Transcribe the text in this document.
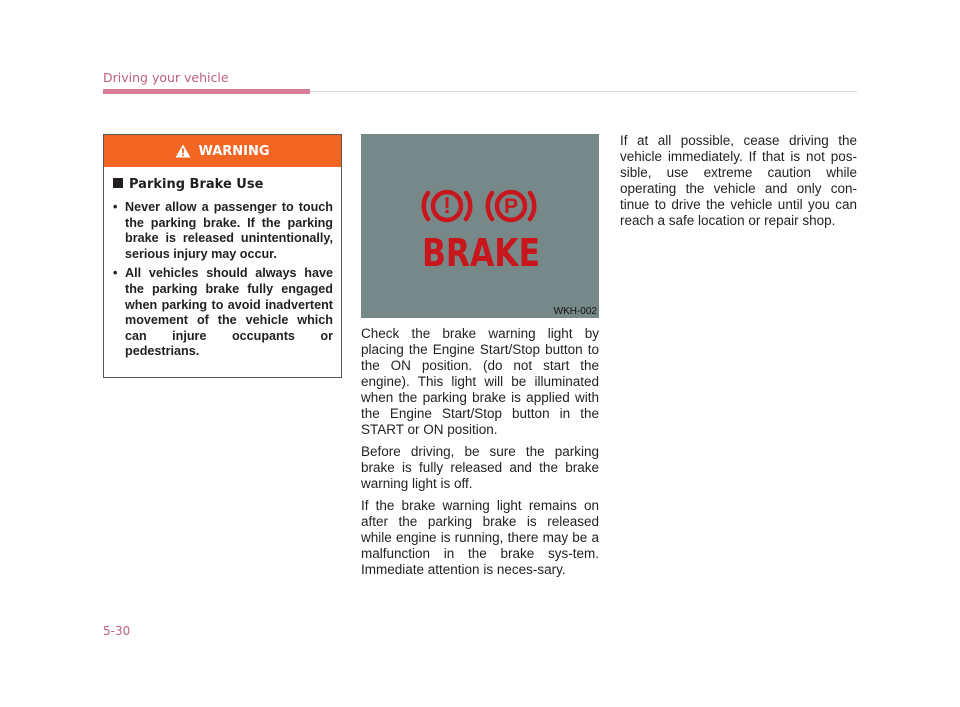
Driving your vehicle
WARNING
Parking Brake Use
• Never allow a passenger to touch the parking brake. If the parking brake is released unintentionally, serious injury may occur.
• All vehicles should always have the parking brake fully engaged when parking to avoid inadvertent movement of the vehicle which can injure occupants or pedestrians.
!	P
BRAKE
WKH-002

Check the brake warning light by placing the Engine Start/Stop button to the ON position. (do not start the engine). This light will be illuminated when the parking brake is applied with the Engine Start/Stop button in the START or ON position.

Before driving, be sure the parking brake is fully released and the brake warning light is off.

If the brake warning light remains on after the parking brake is released while engine is running, there may be a malfunction in the brake sys-tem. Immediate attention is neces-sary.

If at all possible, cease driving the vehicle immediately. If that is not pos-sible, use extreme caution while operating the vehicle and only con-tinue to drive the vehicle until you can reach a safe location or repair shop.

5-30
